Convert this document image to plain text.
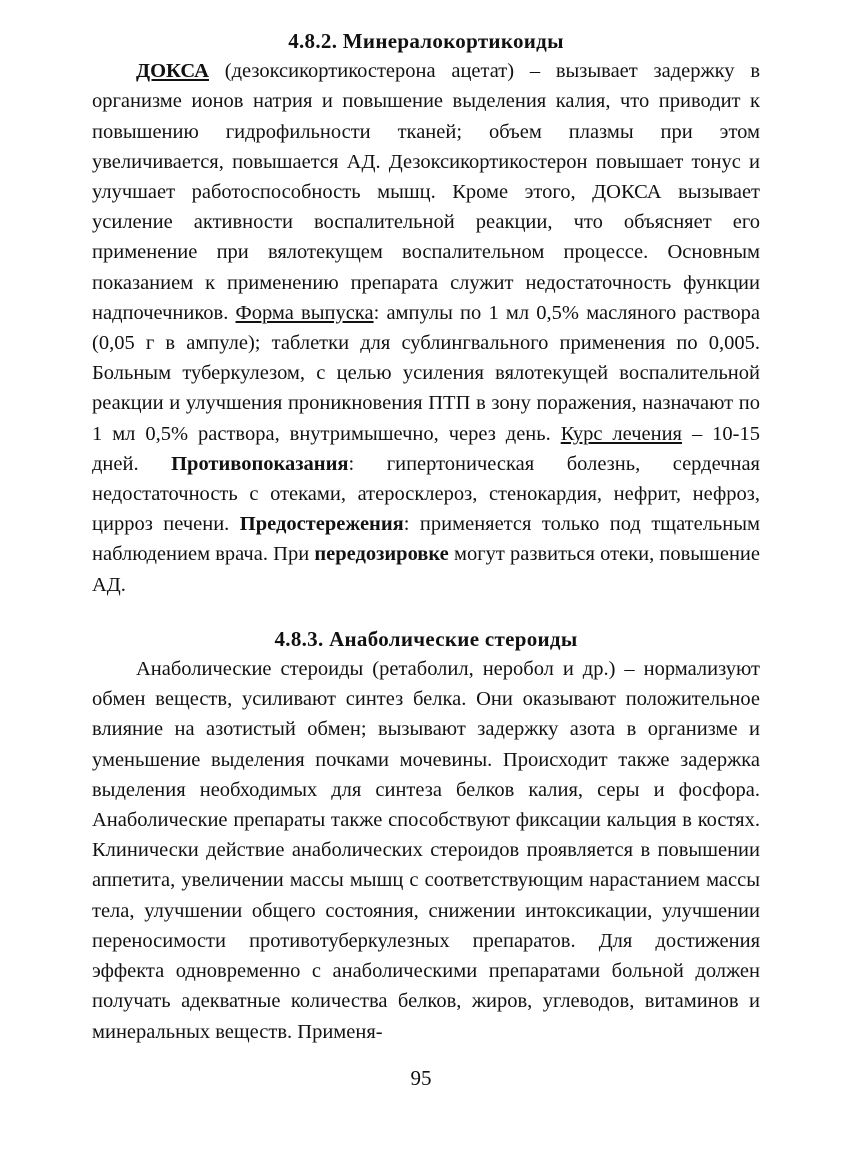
4.8.2. Минералокортикоиды

ДОКСА (дезоксикортикостерона ацетат) – вызывает задержку в организме ионов натрия и повышение выделения калия, что приводит к повышению гидрофильности тканей; объем плазмы при этом увеличивается, повышается АД. Дезоксикортикостерон повышает тонус и улучшает работоспособность мышц. Кроме этого, ДОКСА вызывает усиление активности воспалительной реакции, что объясняет его применение при вялотекущем воспалительном процессе. Основным показанием к применению препарата служит недостаточность функции надпочечников. Форма выпуска: ампулы по 1 мл 0,5% масляного раствора (0,05 г в ампуле); таблетки для сублингвального применения по 0,005. Больным туберкулезом, с целью усиления вялотекущей воспалительной реакции и улучшения проникновения ПТП в зону поражения, назначают по 1 мл 0,5% раствора, внутримышечно, через день. Курс лечения – 10-15 дней. Противопоказания: гипертоническая болезнь, сердечная недостаточность с отеками, атеросклероз, стенокардия, нефрит, нефроз, цирроз печени. Предостережения: применяется только под тщательным наблюдением врача. При передозировке могут развиться отеки, повышение АД.

4.8.3. Анаболические стероиды

Анаболические стероиды (ретаболил, неробол и др.) – нормализуют обмен веществ, усиливают синтез белка. Они оказывают положительное влияние на азотистый обмен; вызывают задержку азота в организме и уменьшение выделения почками мочевины. Происходит также задержка выделения необходимых для синтеза белков калия, серы и фосфора. Анаболические препараты также способствуют фиксации кальция в костях. Клинически действие анаболических стероидов проявляется в повышении аппетита, увеличении массы мышц с соответствующим нарастанием массы тела, улучшении общего состояния, снижении интоксикации, улучшении переносимости противотуберкулезных препаратов. Для достижения эффекта одновременно с анаболическими препаратами больной должен получать адекватные количества белков, жиров, углеводов, витаминов и минеральных веществ. Применя-

95
